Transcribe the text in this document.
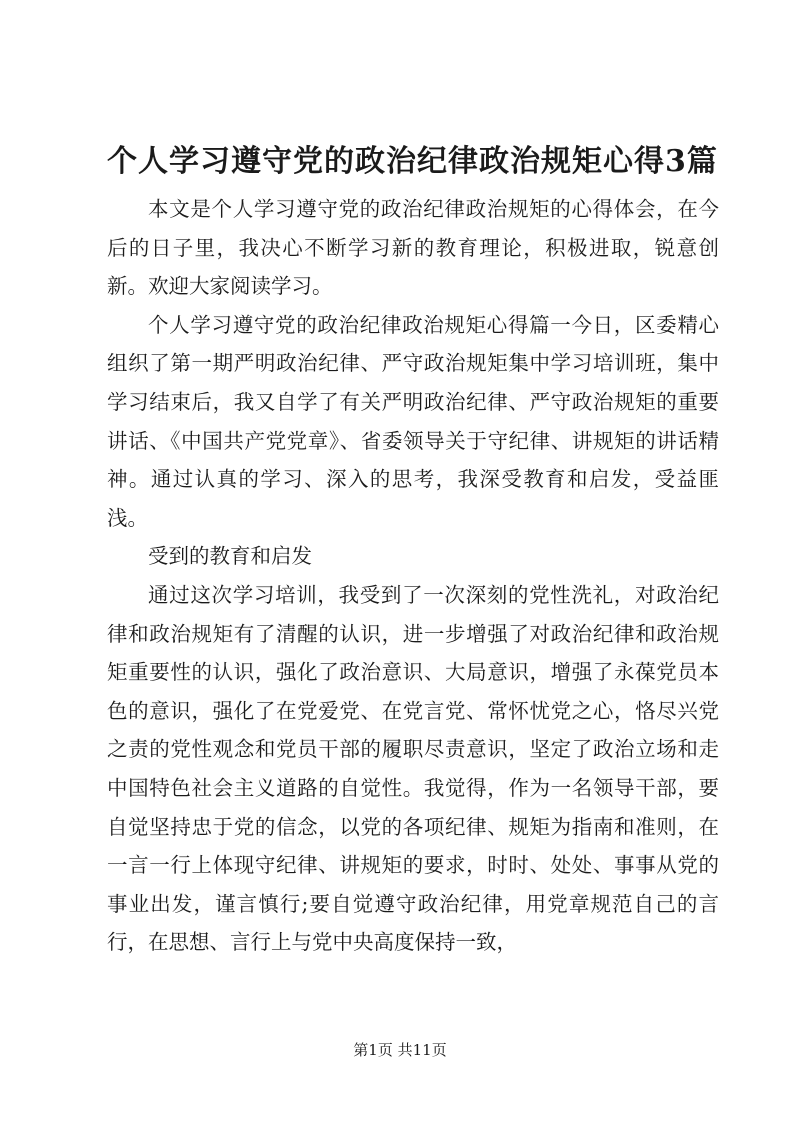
个人学习遵守党的政治纪律政治规矩心得3篇

本文是个人学习遵守党的政治纪律政治规矩的心得体会，在今后的日子里，我决心不断学习新的教育理论，积极进取，锐意创新。欢迎大家阅读学习。

个人学习遵守党的政治纪律政治规矩心得篇一今日，区委精心组织了第一期严明政治纪律、严守政治规矩集中学习培训班，集中学习结束后，我又自学了有关严明政治纪律、严守政治规矩的重要讲话、《中国共产党党章》、省委领导关于守纪律、讲规矩的讲话精神。通过认真的学习、深入的思考，我深受教育和启发，受益匪浅。

受到的教育和启发

通过这次学习培训，我受到了一次深刻的党性洗礼，对政治纪律和政治规矩有了清醒的认识，进一步增强了对政治纪律和政治规矩重要性的认识，强化了政治意识、大局意识，增强了永葆党员本色的意识，强化了在党爱党、在党言党、常怀忧党之心，恪尽兴党之责的党性观念和党员干部的履职尽责意识，坚定了政治立场和走中国特色社会主义道路的自觉性。我觉得，作为一名领导干部，要自觉坚持忠于党的信念，以党的各项纪律、规矩为指南和准则，在一言一行上体现守纪律、讲规矩的要求，时时、处处、事事从党的事业出发，谨言慎行;要自觉遵守政治纪律，用党章规范自己的言行，在思想、言行上与党中央高度保持一致，

第1页 共11页
